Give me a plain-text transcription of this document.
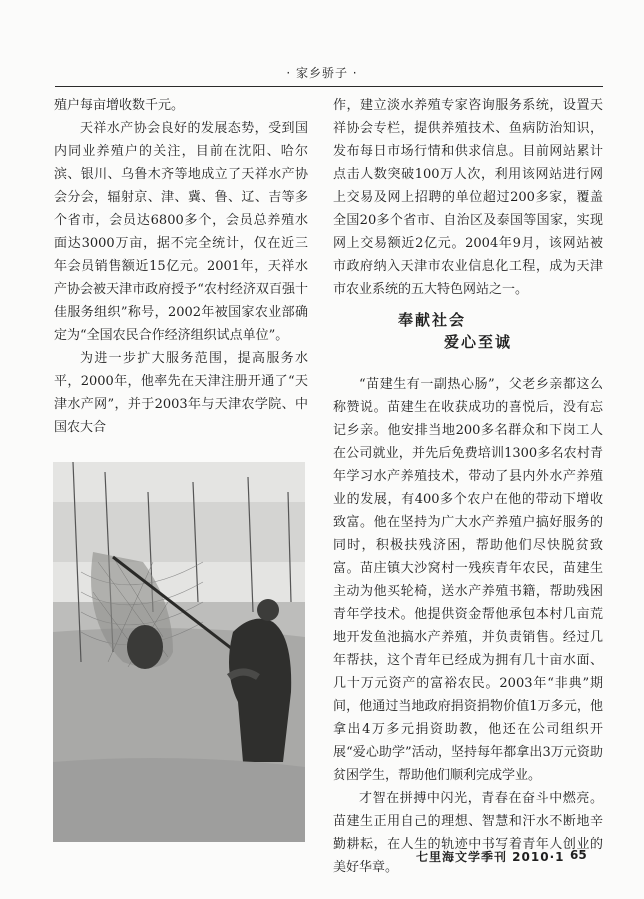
· 家乡骄子 ·

殖户每亩增收数千元。

天祥水产协会良好的发展态势，受到国内同业养殖户的关注，目前在沈阳、哈尔滨、银川、乌鲁木齐等地成立了天祥水产协会分会，辐射京、津、冀、鲁、辽、吉等多个省市，会员达6800多个，会员总养殖水面达3000万亩，据不完全统计，仅在近三年会员销售额近15亿元。2001年，天祥水产协会被天津市政府授予“农村经济双百强十佳服务组织”称号，2002年被国家农业部确定为“全国农民合作经济组织试点单位”。

为进一步扩大服务范围，提高服务水平，2000年，他率先在天津注册开通了“天津水产网”，并于2003年与天津农学院、中国农大合

作，建立淡水养殖专家咨询服务系统，设置天祥协会专栏，提供养殖技术、鱼病防治知识，发布每日市场行情和供求信息。目前网站累计点击人数突破100万人次，利用该网站进行网上交易及网上招聘的单位超过200多家，覆盖全国20多个省市、自治区及泰国等国家，实现网上交易额近2亿元。2004年9月，该网站被市政府纳入天津市农业信息化工程，成为天津市农业系统的五大特色网站之一。

奉献社会
爱心至诚

“苗建生有一副热心肠”，父老乡亲都这么称赞说。苗建生在收获成功的喜悦后，没有忘记乡亲。他安排当地200多名群众和下岗工人在公司就业，并先后免费培训1300多名农村青年学习水产养殖技术，带动了县内外水产养殖业的发展，有400多个农户在他的带动下增收致富。他在坚持为广大水产养殖户搞好服务的同时，积极扶残济困，帮助他们尽快脱贫致富。苗庄镇大沙窝村一残疾青年农民，苗建生主动为他买轮椅，送水产养殖书籍，帮助残困青年学技术。他提供资金帮他承包本村几亩荒地开发鱼池搞水产养殖，并负责销售。经过几年帮扶，这个青年已经成为拥有几十亩水面、几十万元资产的富裕农民。2003年“非典”期间，他通过当地政府捐资捐物价值1万多元，他拿出4万多元捐资助教，他还在公司组织开展“爱心助学”活动，坚持每年都拿出3万元资助贫困学生，帮助他们顺利完成学业。

才智在拼搏中闪光，青春在奋斗中燃亮。苗建生正用自己的理想、智慧和汗水不断地辛勤耕耘，在人生的轨迹中书写着青年人创业的美好华章。

七里海文学季刊 2010·1 65
